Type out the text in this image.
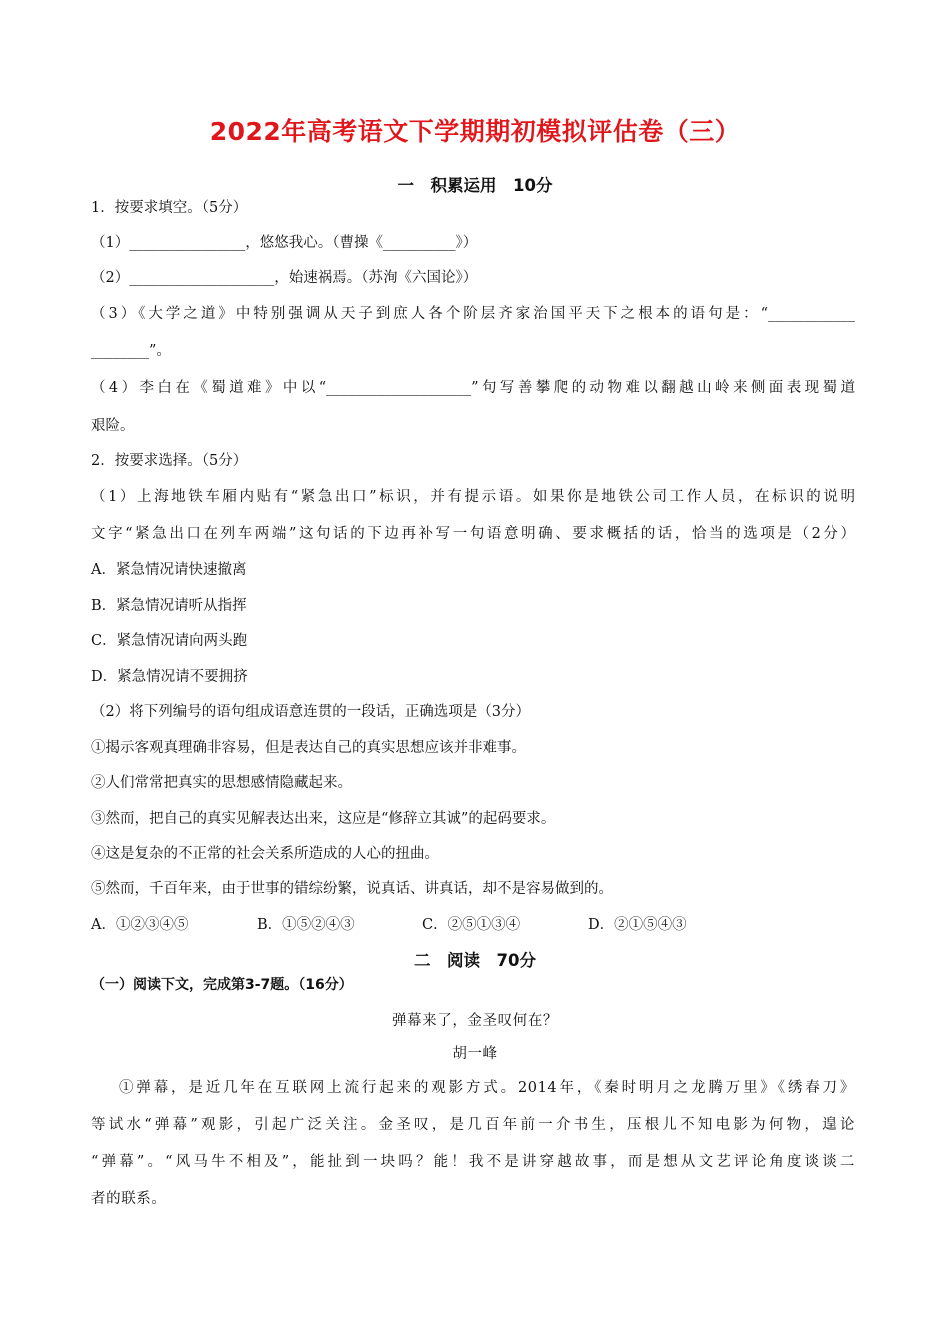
2022年高考语文下学期期初模拟评估卷（三）
一　积累运用　10分
1．按要求填空。（5分）
（1）________________，悠悠我心。（曹操《__________》）
（2）____________________，始速祸焉。（苏洵《六国论》）
（3）《大学之道》中特别强调从天子到庶人各个阶层齐家治国平天下之根本的语句是：“____________
________”。
（4）李白在《蜀道难》中以“____________________”句写善攀爬的动物难以翻越山岭来侧面表现蜀道
艰险。
2．按要求选择。（5分）
（1）上海地铁车厢内贴有“紧急出口”标识，并有提示语。如果你是地铁公司工作人员，在标识的说明
文字“紧急出口在列车两端”这句话的下边再补写一句语意明确、要求概括的话，恰当的选项是（2分）
A．紧急情况请快速撤离
B．紧急情况请听从指挥
C．紧急情况请向两头跑
D．紧急情况请不要拥挤
（2）将下列编号的语句组成语意连贯的一段话，正确选项是（3分）
①揭示客观真理确非容易，但是表达自己的真实思想应该并非难事。
②人们常常把真实的思想感情隐藏起来。
③然而，把自己的真实见解表达出来，这应是“修辞立其诚”的起码要求。
④这是复杂的不正常的社会关系所造成的人心的扭曲。
⑤然而，千百年来，由于世事的错综纷繁，说真话、讲真话，却不是容易做到的。
A．①②③④⑤	B．①⑤②④③	C．②⑤①③④	D．②①⑤④③
二　阅读　70分
（一）阅读下文，完成第3-7题。（16分）
弹幕来了，金圣叹何在？
胡一峰
①弹幕，是近几年在互联网上流行起来的观影方式。2014年，《秦时明月之龙腾万里》《绣春刀》
等试水“弹幕”观影，引起广泛关注。金圣叹，是几百年前一介书生，压根儿不知电影为何物，遑论
“弹幕”。“风马牛不相及”，能扯到一块吗？能！我不是讲穿越故事，而是想从文艺评论角度谈谈二
者的联系。
